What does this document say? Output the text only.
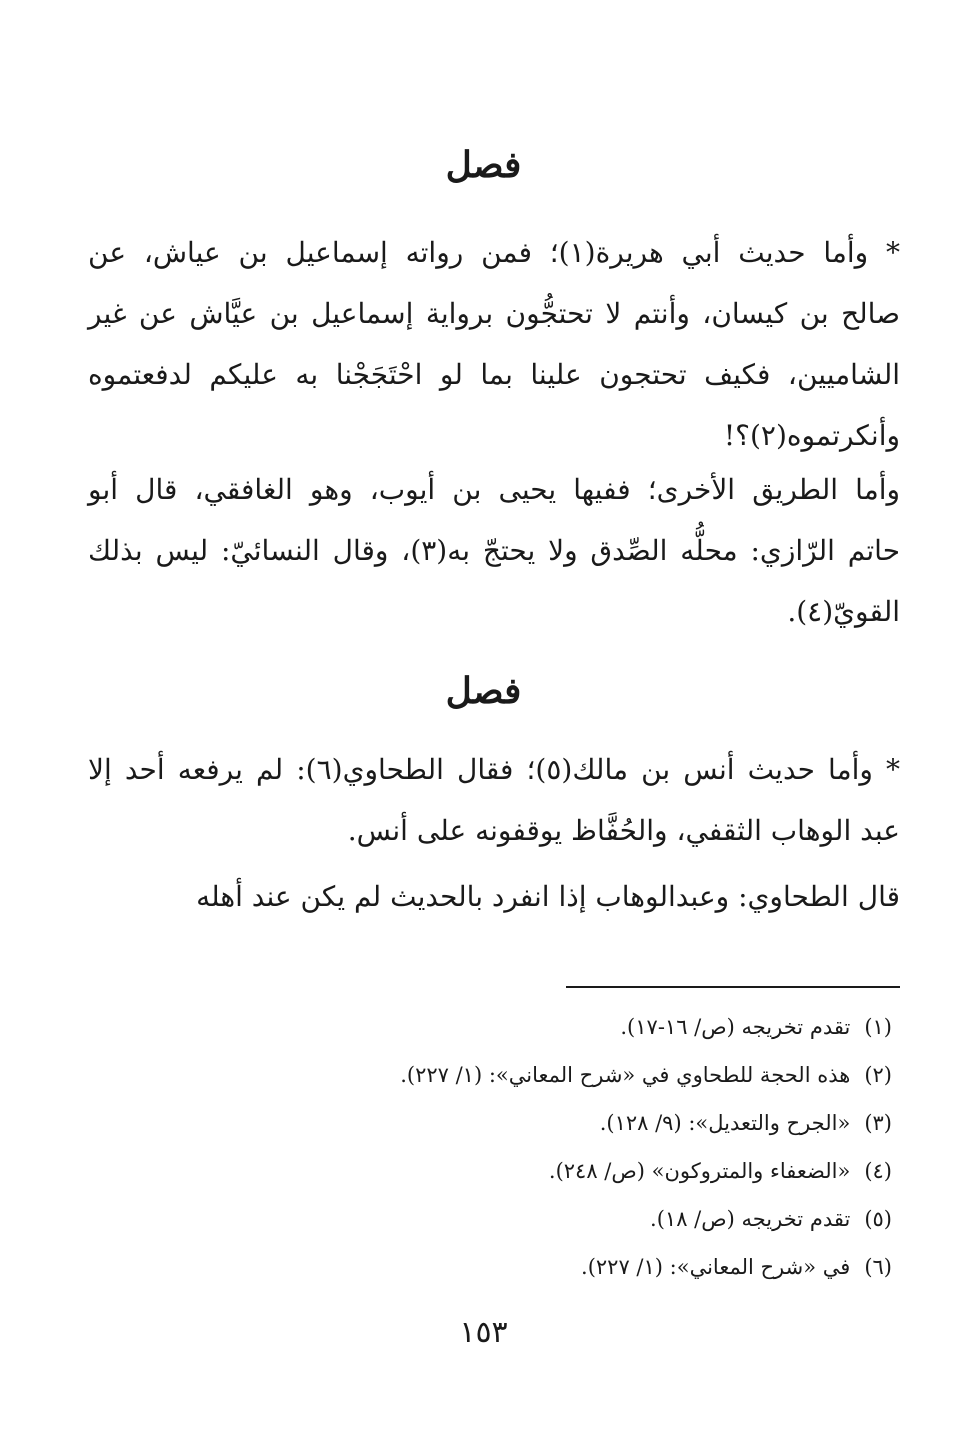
فصل
* وأما حديث أبي هريرة(١)؛ فمن رواته إسماعيل بن عياش، عن
صالح بن كيسان، وأنتم لا تحتجُّون برواية إسماعيل بن عيَّاش عن غير
الشاميين، فكيف تحتجون علينا بما لو احْتَجَجْنا به عليكم لدفعتموه
وأنكرتموه(٢)؟!
وأما الطريق الأخرى؛ ففيها يحيى بن أيوب، وهو الغافقي، قال أبو
حاتم الرّازي: محلُّه الصِّدق ولا يحتجّ به(٣)، وقال النسائيّ: ليس بذلك
القويّ(٤).
فصل
* وأما حديث أنس بن مالك(٥)؛ فقال الطحاوي(٦): لم يرفعه أحد إلا
عبد الوهاب الثقفي، والحُفَّاظ يوقفونه على أنس.
قال الطحاوي: وعبدالوهاب إذا انفرد بالحديث لم يكن عند أهله
(١)تقدم تخريجه (ص/ ١٦-١٧).
(٢)هذه الحجة للطحاوي في «شرح المعاني»: (١/ ٢٢٧).
(٣)«الجرح والتعديل»: (٩/ ١٢٨).
(٤)«الضعفاء والمتروكون» (ص/ ٢٤٨).
(٥)تقدم تخريجه (ص/ ١٨).
(٦)في «شرح المعاني»: (١/ ٢٢٧).
١٥٣
